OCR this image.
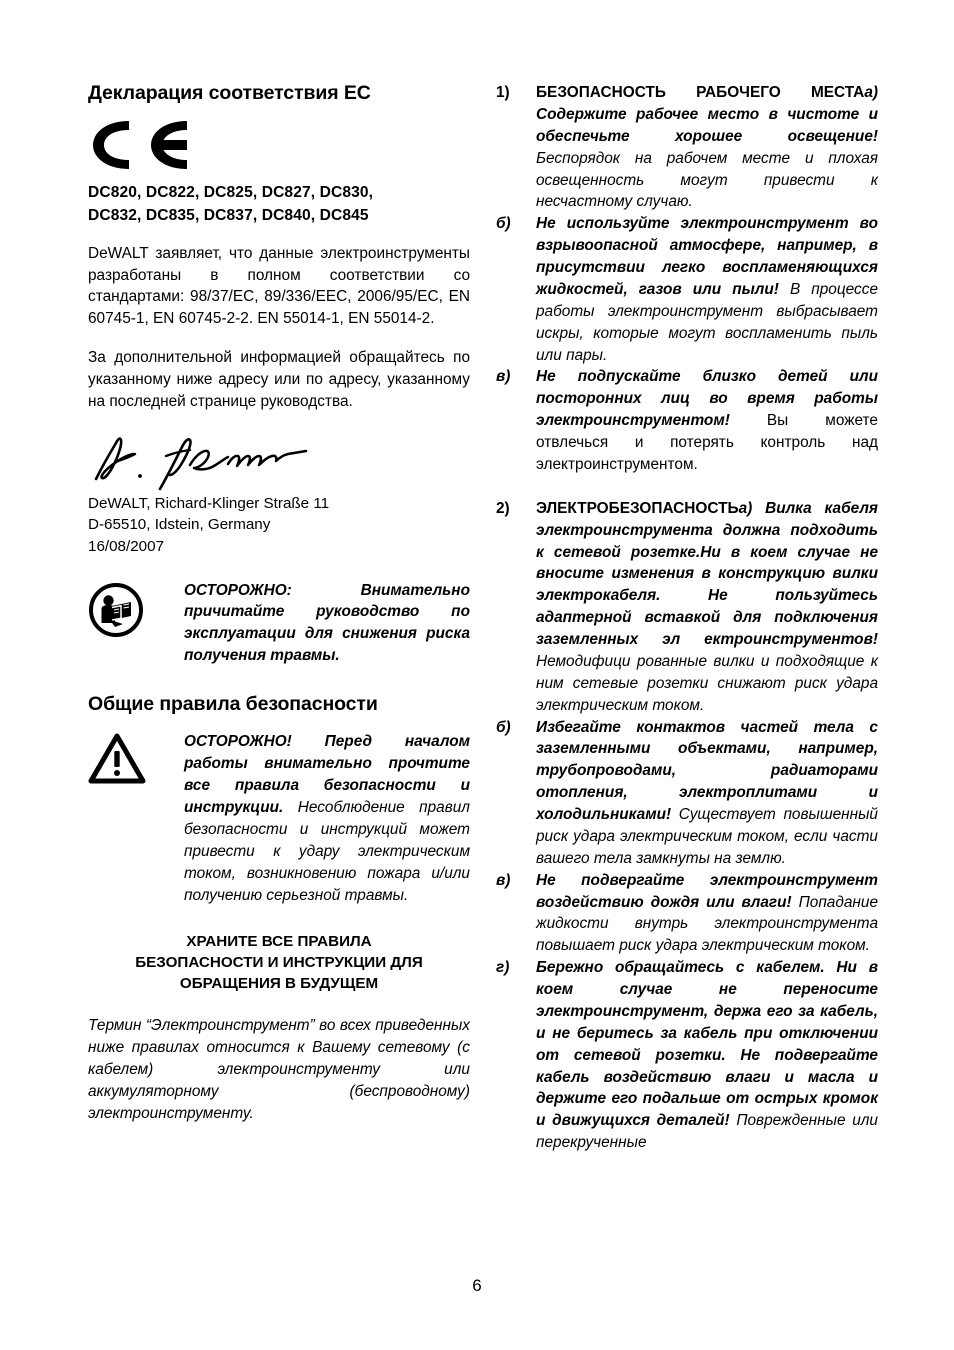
Декларация соответствия ЕС
DC820, DC822, DC825, DC827, DC830,
DC832, DC835, DC837, DC840, DC845

DeWALT заявляет, что данные электроинструменты разработаны в полном соответствии со стандартами: 98/37/EC, 89/336/EEC, 2006/95/EC, EN 60745-1, EN 60745-2-2. EN 55014-1, EN 55014-2.

За дополнительной информацией обращайтесь по указанному ниже адресу или по адресу, указанному на последней странице руководства.

DeWALT, Richard-Klinger Straße 11
D-65510, Idstein, Germany
16/08/2007
ОСТОРОЖНО: Внимательно причитайте руководство по эксплуатации для снижения риска получения травмы.
Общие правила безопасности
ОСТОРОЖНО! Перед началом работы внимательно прочтите все правила безопасности и инструкции. Несоблюдение правил безопасности и инструкций может привести к удару электрическим током, возникновению пожара и/или получению серьезной травмы.
ХРАНИТЕ ВСЕ ПРАВИЛА
БЕЗОПАСНОСТИ И ИНСТРУКЦИИ ДЛЯ
ОБРАЩЕНИЯ В БУДУЩЕМ

Термин “Электроинструмент” во всех приведенных ниже правилах относится к Вашему сетевому (с кабелем) электроинструменту или аккумуляторному (беспроводному) электроинструменту.

1)	БЕЗОПАСНОСТЬ РАБОЧЕГО МЕСТАа) Содержите рабочее место в чистоте и обеспечьте хорошее освещение! Беспорядок на рабочем месте и плохая освещенность могут привести к несчастному случаю.
б)	Не используйте электроинструмент во взрывоопасной атмосфере, например, в присутствии легко воспламеняющихся жидкостей, газов или пыли! В процессе работы электроинструмент выбрасывает искры, которые могут воспламенить пыль или пары.
в)	Не подпускайте близко детей или посторонних лиц во время работы электроинструментом! Вы можете отвлечься и потерять контроль над электроинструментом.
2)	ЭЛЕКТРОБЕЗОПАСНОСТЬа) Вилка кабеля электроинструмента должна подходить к сетевой розетке.Ни в коем случае не вносите изменения в конструкцию вилки электрокабеля. Не пользуйтесь адаптерной вставкой для подключения заземленных эл ектроинструментов!Немодифици рованные вилки и подходящие к ним сетевые розетки снижают риск удара электрическим током.
б)	Избегайте контактов частей тела с заземленными объектами, например, трубопроводами, радиаторами отопления, электроплитами и холодильниками! Существует повышенный риск удара электрическим током, если части вашего тела замкнуты на землю.
в)	Не подвергайте электроинструмент воздействию дождя или влаги! Попадание жидкости внутрь электроинструмента повышает риск удара электрическим током.
г)	Бережно обращайтесь с кабелем. Ни в коем случае не переносите электроинструмент, держа его за кабель, и не беритесь за кабель при отключении от сетевой розетки. Не подвергайте кабель воздействию влаги и масла и держите его подальше от острых кромок и движущихся деталей! Поврежденные или перекрученные
6
